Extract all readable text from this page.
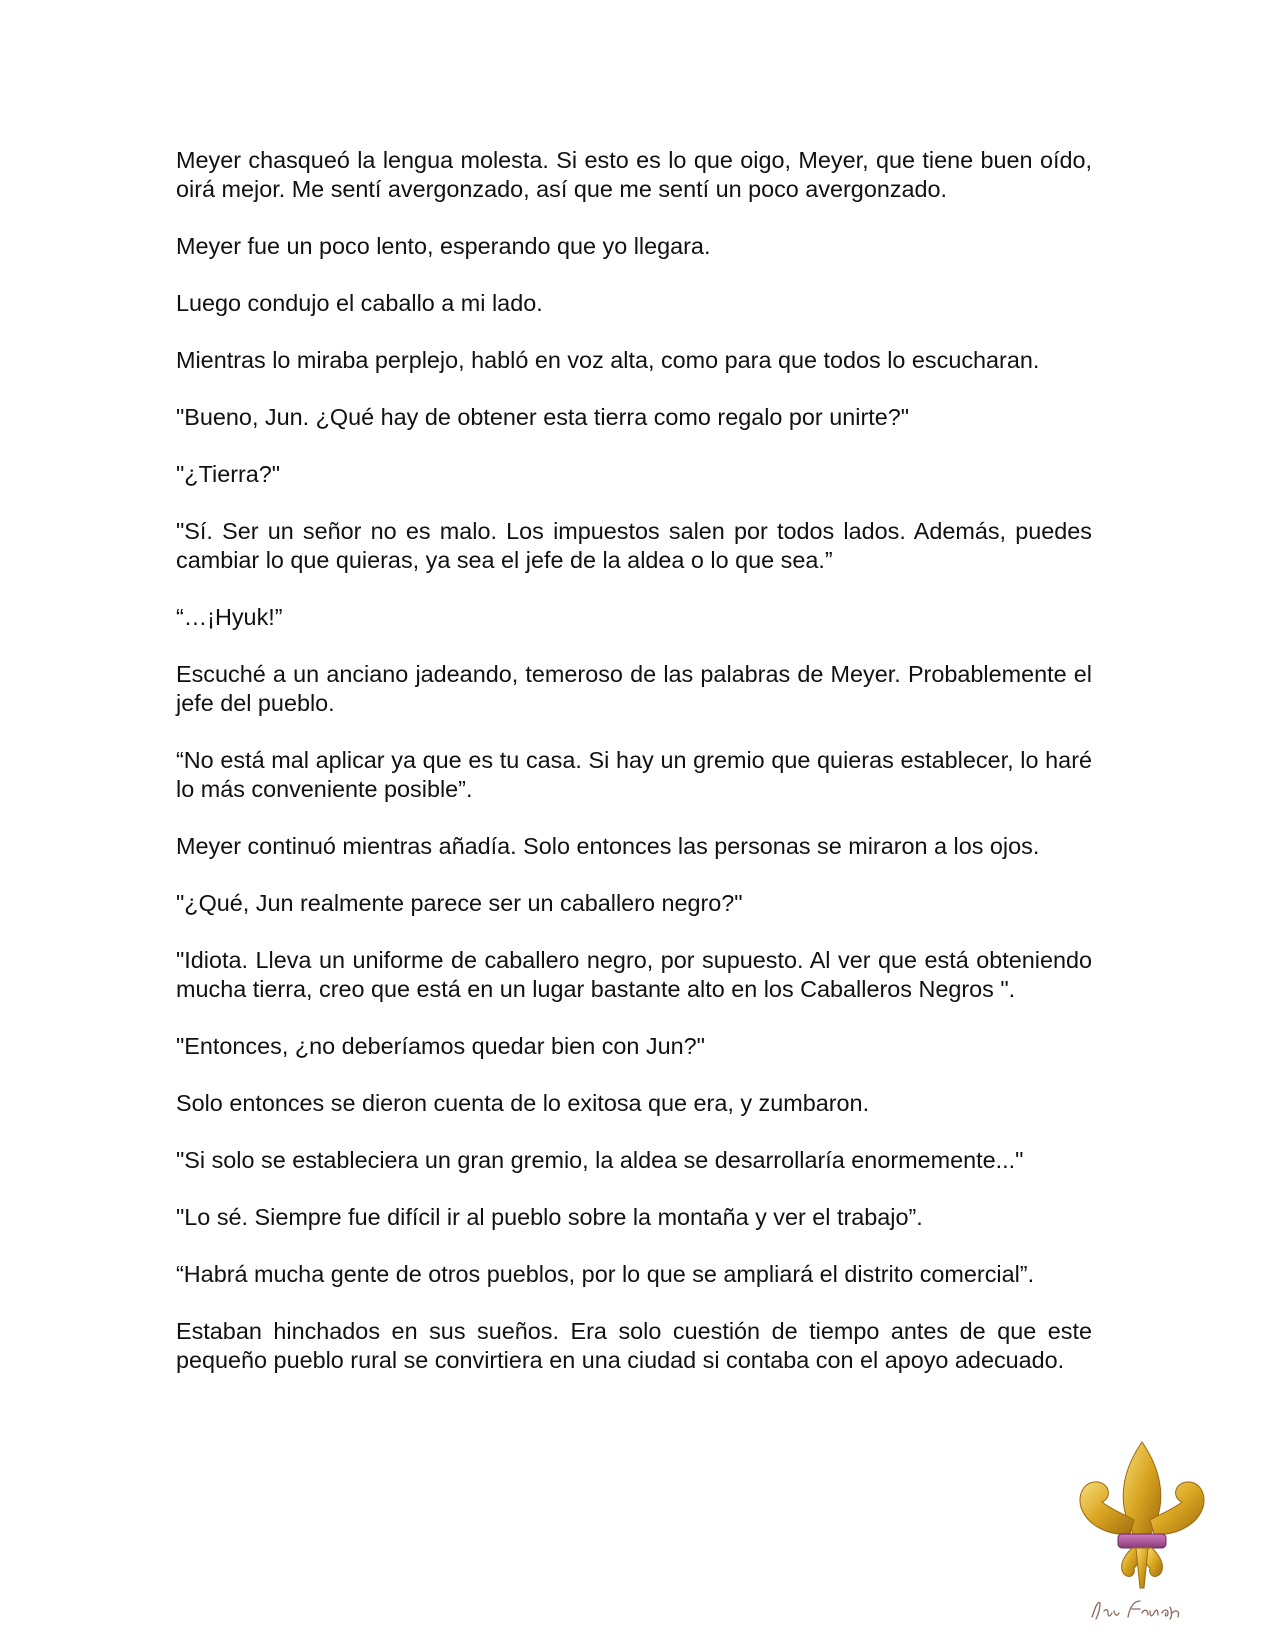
Meyer chasqueó la lengua molesta. Si esto es lo que oigo, Meyer, que tiene buen oído, oirá mejor. Me sentí avergonzado, así que me sentí un poco avergonzado.

Meyer fue un poco lento, esperando que yo llegara.

Luego condujo el caballo a mi lado.

Mientras lo miraba perplejo, habló en voz alta, como para que todos lo escucharan.

"Bueno, Jun. ¿Qué hay de obtener esta tierra como regalo por unirte?"

"¿Tierra?"

"Sí. Ser un señor no es malo. Los impuestos salen por todos lados. Además, puedes cambiar lo que quieras, ya sea el jefe de la aldea o lo que sea.”

“…¡Hyuk!”

Escuché a un anciano jadeando, temeroso de las palabras de Meyer. Probablemente el jefe del pueblo.

“No está mal aplicar ya que es tu casa. Si hay un gremio que quieras establecer, lo haré lo más conveniente posible”.

Meyer continuó mientras añadía. Solo entonces las personas se miraron a los ojos.

"¿Qué, Jun realmente parece ser un caballero negro?"

"Idiota. Lleva un uniforme de caballero negro, por supuesto. Al ver que está obteniendo mucha tierra, creo que está en un lugar bastante alto en los Caballeros Negros ".

"Entonces, ¿no deberíamos quedar bien con Jun?"

Solo entonces se dieron cuenta de lo exitosa que era, y zumbaron.

"Si solo se estableciera un gran gremio, la aldea se desarrollaría enormemente..."

"Lo sé. Siempre fue difícil ir al pueblo sobre la montaña y ver el trabajo”.

“Habrá mucha gente de otros pueblos, por lo que se ampliará el distrito comercial”.

Estaban hinchados en sus sueños. Era solo cuestión de tiempo antes de que este pequeño pueblo rural se convirtiera en una ciudad si contaba con el apoyo adecuado.
